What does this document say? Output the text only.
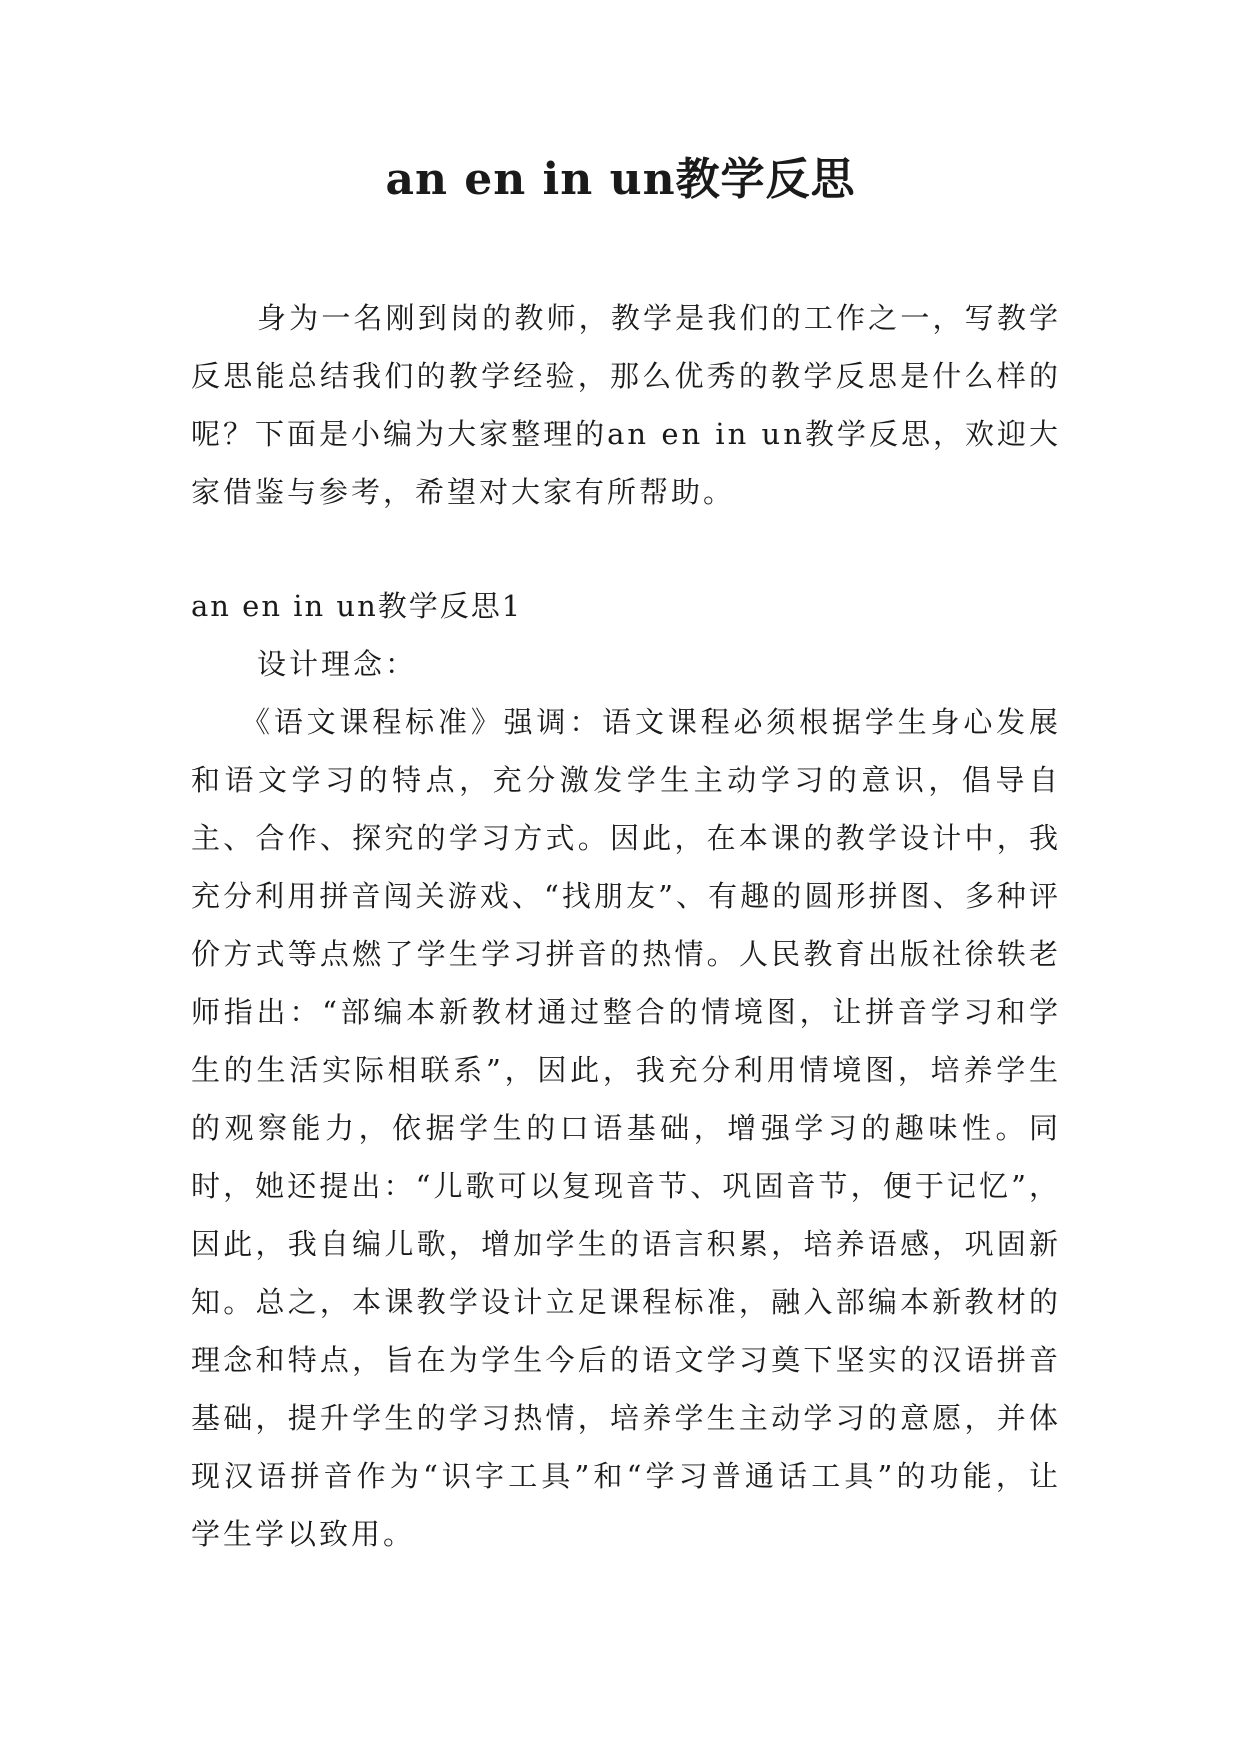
an en in un教学反思
身为一名刚到岗的教师，教学是我们的工作之一，写教学反思能总结我们的教学经验，那么优秀的教学反思是什么样的呢？下面是小编为大家整理的an en in un教学反思，欢迎大家借鉴与参考，希望对大家有所帮助。
an en in un教学反思1
设计理念：
《语文课程标准》强调：语文课程必须根据学生身心发展和语文学习的特点，充分激发学生主动学习的意识，倡导自主、合作、探究的学习方式。因此，在本课的教学设计中，我充分利用拼音闯关游戏、“找朋友”、有趣的圆形拼图、多种评价方式等点燃了学生学习拼音的热情。人民教育出版社徐轶老师指出：“部编本新教材通过整合的情境图，让拼音学习和学生的生活实际相联系”，因此，我充分利用情境图，培养学生的观察能力，依据学生的口语基础，增强学习的趣味性。同时，她还提出：“儿歌可以复现音节、巩固音节，便于记忆”，因此，我自编儿歌，增加学生的语言积累，培养语感，巩固新知。总之，本课教学设计立足课程标准，融入部编本新教材的理念和特点，旨在为学生今后的语文学习奠下坚实的汉语拼音基础，提升学生的学习热情，培养学生主动学习的意愿，并体现汉语拼音作为“识字工具”和“学习普通话工具”的功能，让学生学以致用。
